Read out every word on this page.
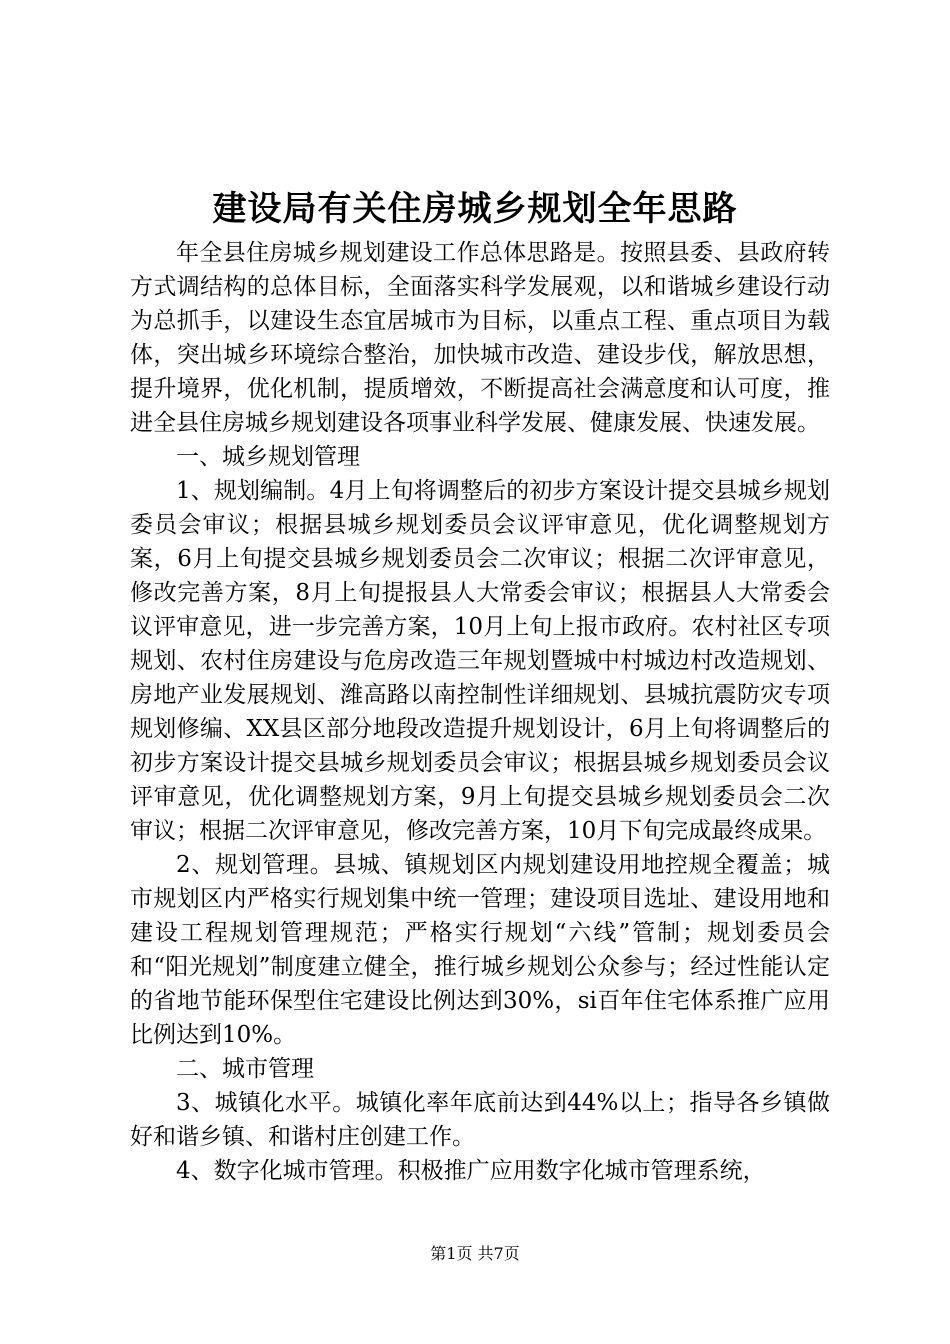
建设局有关住房城乡规划全年思路

年全县住房城乡规划建设工作总体思路是。按照县委、县政府转方式调结构的总体目标，全面落实科学发展观，以和谐城乡建设行动为总抓手，以建设生态宜居城市为目标，以重点工程、重点项目为载体，突出城乡环境综合整治，加快城市改造、建设步伐，解放思想，提升境界，优化机制，提质增效，不断提高社会满意度和认可度，推进全县住房城乡规划建设各项事业科学发展、健康发展、快速发展。

一、城乡规划管理

1、规划编制。4月上旬将调整后的初步方案设计提交县城乡规划委员会审议；根据县城乡规划委员会议评审意见，优化调整规划方案，6月上旬提交县城乡规划委员会二次审议；根据二次评审意见，修改完善方案，8月上旬提报县人大常委会审议；根据县人大常委会议评审意见，进一步完善方案，10月上旬上报市政府。农村社区专项规划、农村住房建设与危房改造三年规划暨城中村城边村改造规划、房地产业发展规划、潍高路以南控制性详细规划、县城抗震防灾专项规划修编、XX县区部分地段改造提升规划设计，6月上旬将调整后的初步方案设计提交县城乡规划委员会审议；根据县城乡规划委员会议评审意见，优化调整规划方案，9月上旬提交县城乡规划委员会二次审议；根据二次评审意见，修改完善方案，10月下旬完成最终成果。

2、规划管理。县城、镇规划区内规划建设用地控规全覆盖；城市规划区内严格实行规划集中统一管理；建设项目选址、建设用地和建设工程规划管理规范；严格实行规划“六线”管制；规划委员会和“阳光规划”制度建立健全，推行城乡规划公众参与；经过性能认定的省地节能环保型住宅建设比例达到30%，si百年住宅体系推广应用比例达到10%。

二、城市管理

3、城镇化水平。城镇化率年底前达到44%以上；指导各乡镇做好和谐乡镇、和谐村庄创建工作。

4、数字化城市管理。积极推广应用数字化城市管理系统，

第1页 共7页
